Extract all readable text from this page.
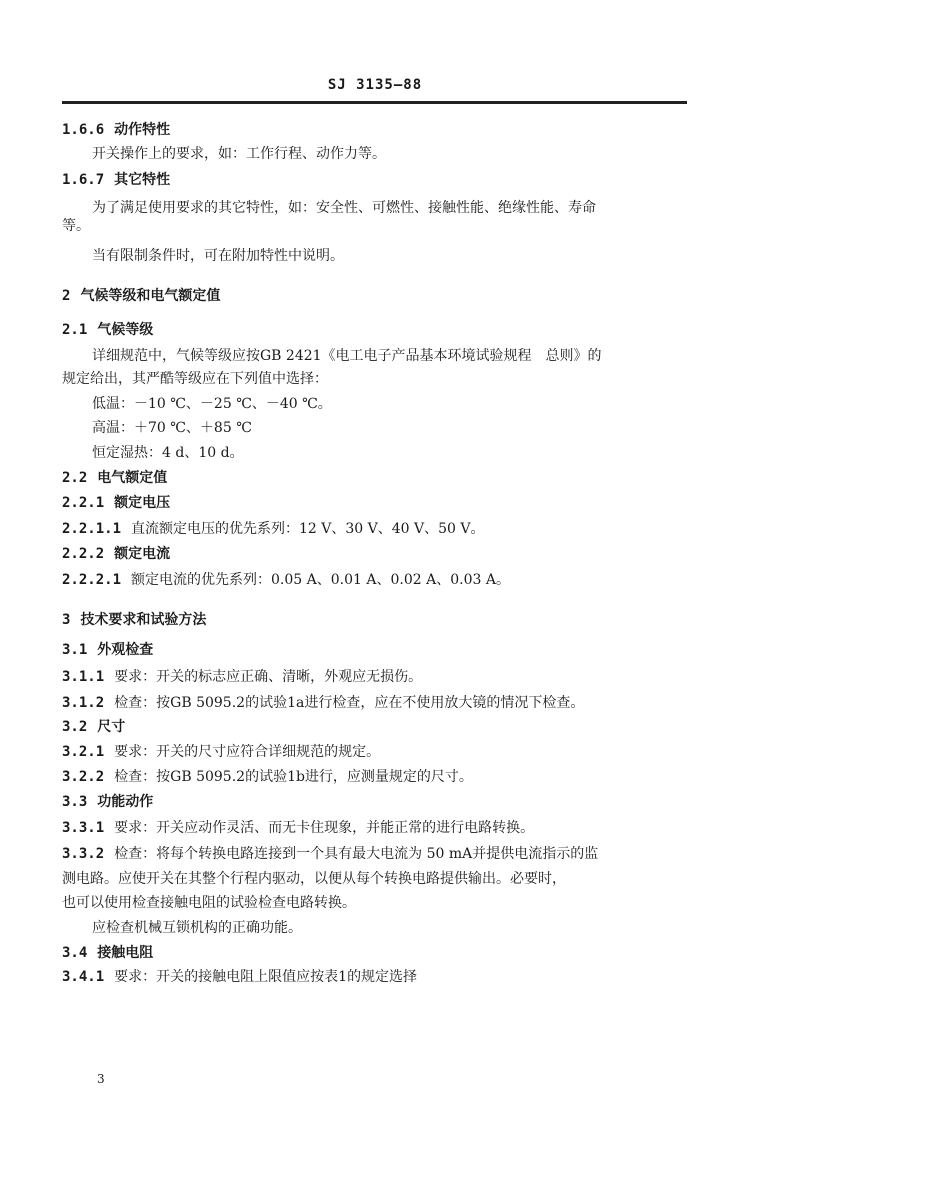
SJ 3135—88
1.6.6 动作特性
开关操作上的要求，如：工作行程、动作力等。
1.6.7 其它特性
为了满足使用要求的其它特性，如：安全性、可燃性、接触性能、绝缘性能、寿命
等。
当有限制条件时，可在附加特性中说明。
2 气候等级和电气额定值
2.1 气候等级
详细规范中，气候等级应按GB 2421《电工电子产品基本环境试验规程　总则》的
规定给出，其严酷等级应在下列值中选择：
低温：－10 ℃、－25 ℃、－40 ℃。
高温：＋70 ℃、＋85 ℃
恒定湿热：4 d、10 d。
2.2 电气额定值
2.2.1 额定电压
2.2.1.1 直流额定电压的优先系列：12 V、30 V、40 V、50 V。
2.2.2 额定电流
2.2.2.1 额定电流的优先系列：0.05 A、0.01 A、0.02 A、0.03 A。
3 技术要求和试验方法
3.1 外观检查
3.1.1 要求：开关的标志应正确、清晰，外观应无损伤。
3.1.2 检查：按GB 5095.2的试验1a进行检查，应在不使用放大镜的情况下检查。
3.2 尺寸
3.2.1 要求：开关的尺寸应符合详细规范的规定。
3.2.2 检查：按GB 5095.2的试验1b进行，应测量规定的尺寸。
3.3 功能动作
3.3.1 要求：开关应动作灵活、而无卡住现象，并能正常的进行电路转换。
3.3.2 检查：将每个转换电路连接到一个具有最大电流为 50 mA并提供电流指示的监
测电路。应使开关在其整个行程内驱动，以便从每个转换电路提供输出。必要时，
也可以使用检查接触电阻的试验检查电路转换。
应检查机械互锁机构的正确功能。
3.4 接触电阻
3.4.1 要求：开关的接触电阻上限值应按表1的规定选择
3
